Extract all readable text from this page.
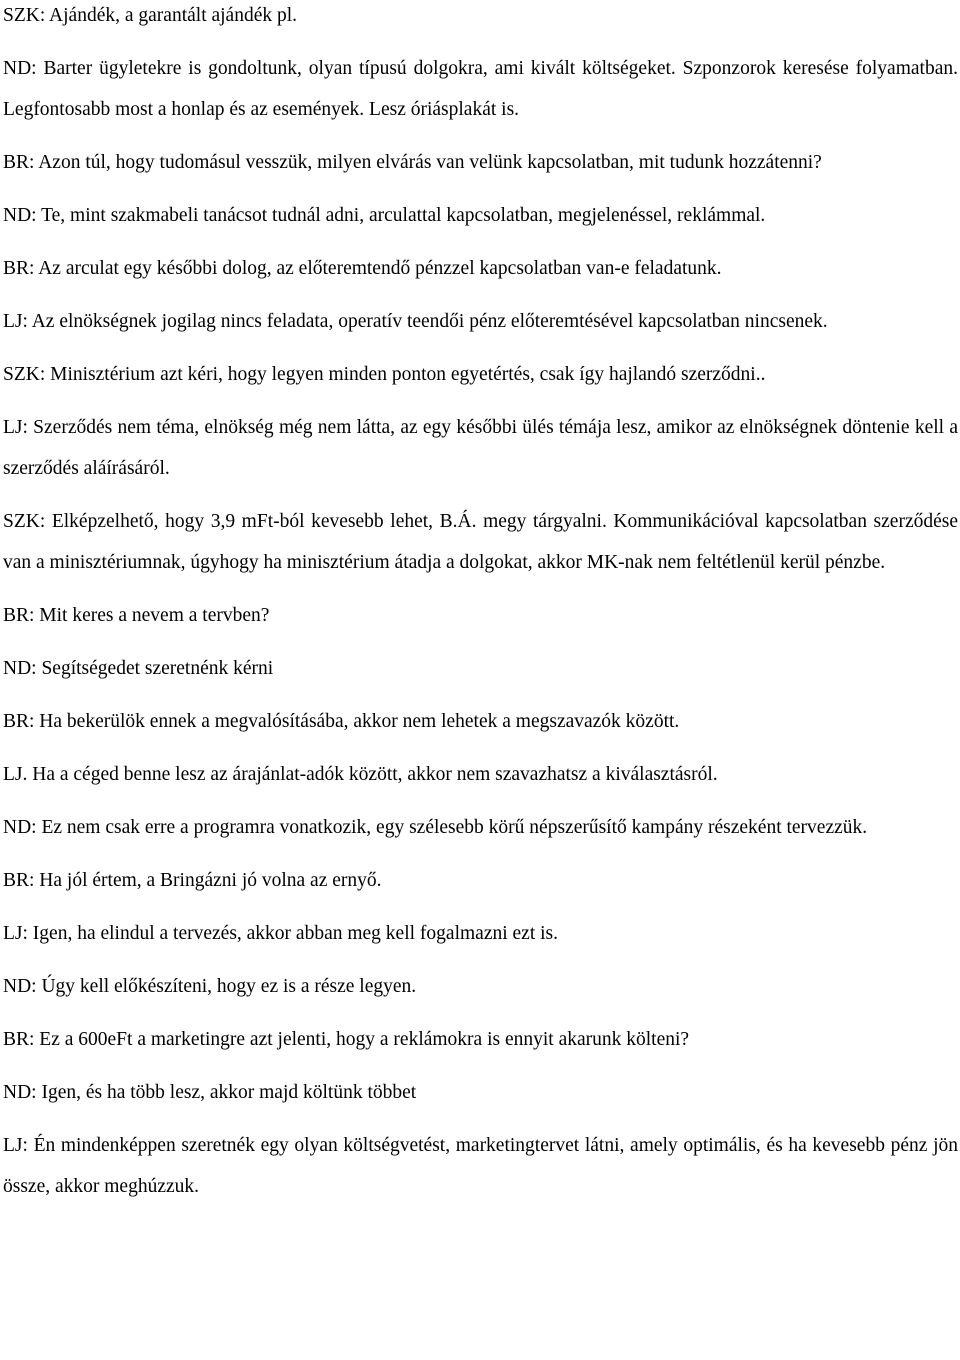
SZK: Ajándék, a garantált ajándék pl.

ND: Barter ügyletekre is gondoltunk, olyan típusú dolgokra, ami kivált költségeket. Szponzorok keresése folyamatban. Legfontosabb most a honlap és az események. Lesz óriásplakát is.

BR: Azon túl, hogy tudomásul vesszük, milyen elvárás van velünk kapcsolatban, mit tudunk hozzátenni?

ND: Te, mint szakmabeli tanácsot tudnál adni, arculattal kapcsolatban, megjelenéssel, reklámmal.

BR: Az arculat egy későbbi dolog, az előteremtendő pénzzel kapcsolatban van-e feladatunk.

LJ: Az elnökségnek jogilag nincs feladata, operatív teendői pénz előteremtésével kapcsolatban nincsenek.

SZK: Minisztérium azt kéri, hogy legyen minden ponton egyetértés, csak így hajlandó szerződni..

LJ: Szerződés nem téma, elnökség még nem látta, az egy későbbi ülés témája lesz, amikor az elnökségnek döntenie kell a szerződés aláírásáról.

SZK: Elképzelhető, hogy 3,9 mFt-ból kevesebb lehet, B.Á. megy tárgyalni. Kommunikációval kapcsolatban szerződése van a minisztériumnak, úgyhogy ha minisztérium átadja a dolgokat, akkor MK-nak nem feltétlenül kerül pénzbe.

BR: Mit keres a nevem a tervben?

ND: Segítségedet szeretnénk kérni

BR: Ha bekerülök ennek a megvalósításába, akkor nem lehetek a megszavazók között.

LJ. Ha a céged benne lesz az árajánlat-adók között, akkor nem szavazhatsz a kiválasztásról.

ND: Ez nem csak erre a programra vonatkozik, egy szélesebb körű népszerűsítő kampány részeként tervezzük.

BR: Ha jól értem, a Bringázni jó volna az ernyő.

LJ: Igen, ha elindul a tervezés, akkor abban meg kell fogalmazni ezt is.

ND: Úgy kell előkészíteni, hogy ez is a része legyen.

BR: Ez a 600eFt a marketingre azt jelenti, hogy a reklámokra is ennyit akarunk költeni?

ND: Igen, és ha több lesz, akkor majd költünk többet

LJ: Én mindenképpen szeretnék egy olyan költségvetést, marketingtervet látni, amely optimális, és ha kevesebb pénz jön össze, akkor meghúzzuk.
